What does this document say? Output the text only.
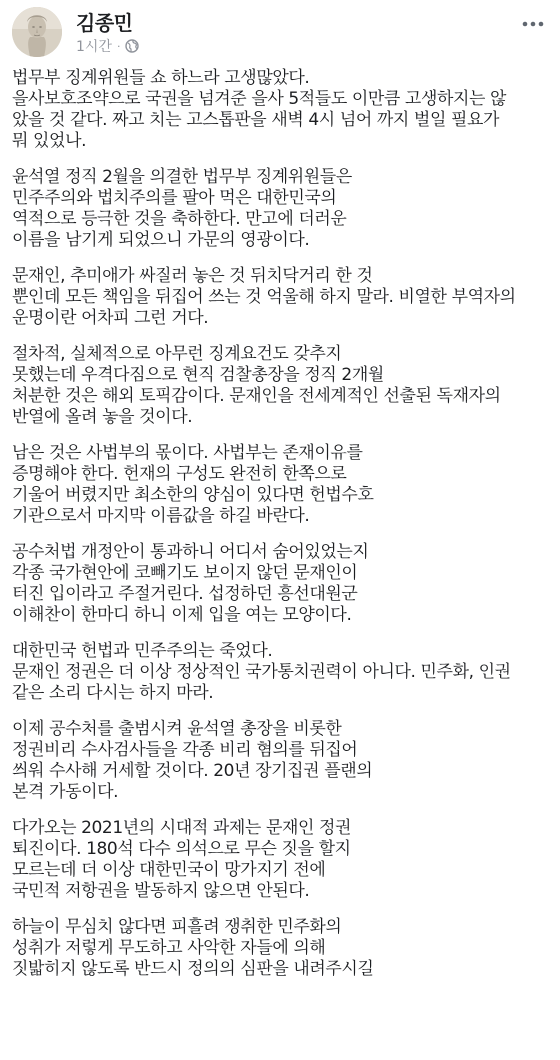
김종민
1시간 ·
법무부 징계위원들 쇼 하느라 고생많았다.
을사보호조약으로 국권을 넘겨준 을사 5적들도 이만큼 고생하지는 않
았을 것 같다. 짜고 치는 고스톱판을 새벽 4시 넘어 까지 벌일 필요가
뭐 있었나.
윤석열 정직 2월을 의결한 법무부 징계위원들은
민주주의와 법치주의를 팔아 먹은 대한민국의
역적으로 등극한 것을 축하한다. 만고에 더러운
이름을 남기게 되었으니 가문의 영광이다.
문재인, 추미애가 싸질러 놓은 것 뒤치닥거리 한 것
뿐인데 모든 책임을 뒤집어 쓰는 것 억울해 하지 말라. 비열한 부역자의
운명이란 어차피 그런 거다.
절차적, 실체적으로 아무런 징계요건도 갖추지
못했는데 우격다짐으로 현직 검찰총장을 정직 2개월
처분한 것은 해외 토픽감이다. 문재인을 전세계적인 선출된 독재자의
반열에 올려 놓을 것이다.
남은 것은 사법부의 몫이다. 사법부는 존재이유를
증명해야 한다. 헌재의 구성도 완전히 한쪽으로
기울어 버렸지만 최소한의 양심이 있다면 헌법수호
기관으로서 마지막 이름값을 하길 바란다.
공수처법 개정안이 통과하니 어디서 숨어있었는지
각종 국가현안에 코빼기도 보이지 않던 문재인이
터진 입이라고 주절거린다. 섭정하던 흥선대원군
이해찬이 한마디 하니 이제 입을 여는 모양이다.
대한민국 헌법과 민주주의는 죽었다.
문재인 정권은 더 이상 정상적인 국가통치권력이 아니다. 민주화, 인권
같은 소리 다시는 하지 마라.
이제 공수처를 출범시켜 윤석열 총장을 비롯한
정권비리 수사검사들을 각종 비리 혐의를 뒤집어
씌워 수사해 거세할 것이다. 20년 장기집권 플랜의
본격 가동이다.
다가오는 2021년의 시대적 과제는 문재인 정권
퇴진이다. 180석 다수 의석으로 무슨 짓을 할지
모르는데 더 이상 대한민국이 망가지기 전에
국민적 저항권을 발동하지 않으면 안된다.
하늘이 무심치 않다면 피흘려 쟁취한 민주화의
성취가 저렇게 무도하고 사악한 자들에 의해
짓밟히지 않도록 반드시 정의의 심판을 내려주시길
